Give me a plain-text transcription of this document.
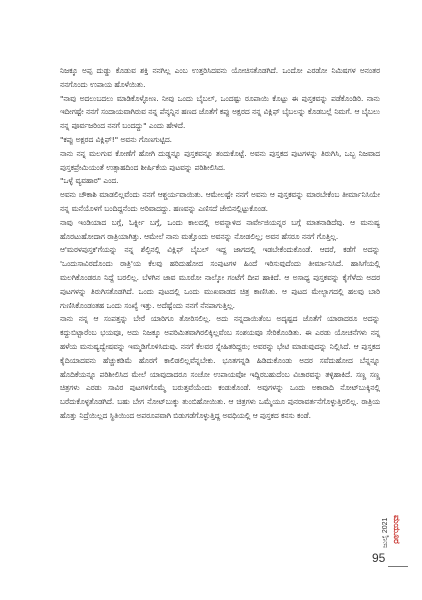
ನಿಜಕ್ಕೂ ಅಪ್ಪ ದುಡ್ಡು ಕೊಡುವ ಶಕ್ತಿ ನನಗಿಲ್ಲ ಎಂಬ ಉತ್ತರಿಸಿದವನು ಯೋಚಿಸತೊಡಗಿದೆ. ಒಂದೋ ಎರಡೋ ನಿಮಿಷಗಳ ಅನಂತರ ನನಗೊಂದು ಉಪಾಯ ಹೊಳೆಯಿತು.

"ನಾವು ಅದಲುಬದಲು ಮಾಡಿಕೊಳ್ಳೋಣ. ನೀವು ಒಂದು ಬೈಬಲ್, ಒಂದಷ್ಟು ರೂಪಾಯಿ ಕೊಟ್ಟು ಈ ಪುಸ್ತಕವನ್ನು ಪಡೆಕೊಂಡಿರಿ. ನಾನು ಇದೀಗಷ್ಟೇ ನನಗೆ ಸಂದಾಯವಾಗಿರುವ ನನ್ನ ಪೆನ್ಶನ್ನಿನ ಹಣದ ಜೊತೆಗೆ ಕಪ್ಪು ಅಕ್ಷರದ ನನ್ನ ವಿಕ್ಲಿಫ್ ಬೈಬಲನ್ನು ಕೊಡಬಲ್ಲೆ ನಿಮಗೆ. ಆ ಬೈಬಲು ನನ್ನ ಪೂರ್ವಜರಿಂದ ನನಗೆ ಬಂದದ್ದು" ಎಂದು ಹೇಳಿದೆ.

"ಕಪ್ಪು ಅಕ್ಷರದ ವಿಕ್ಲಿಫ್!" ಅವನು ಗೊಣಗುಟ್ಟಿದ.

ನಾನು ನನ್ನ ಮಲಗುವ ಕೋಣೆಗೆ ಹೋಗಿ ದುಡ್ಡನ್ನೂ ಪುಸ್ತಕವನ್ನೂ ತಂದುಕೊಟ್ಟೆ. ಅವನು ಪುಸ್ತಕದ ಪುಟಗಳನ್ನು ತಿರುಗಿಸಿ, ಒಬ್ಬ ನಿಜವಾದ ಪುಸ್ತಕಪ್ರೇಮಿಯಂತೆ ಉತ್ಸಾಹದಿಂದ ಶೀರ್ಷಿಕೆಯ ಪುಟವನ್ನು ಪರಿಶೀಲಿಸಿದ.

"ಒಳ್ಳೆ ವ್ಯವಹಾರ" ಎಂದ.

ಅವನು ಚೌಕಾಶಿ ಮಾಡಲಿಲ್ಲವೆಂದು ನನಗೆ ಆಶ್ಚರ್ಯವಾಯಿತು. ಆಮೇಲಷ್ಟೇ ನನಗೆ ಅವನು ಆ ಪುಸ್ತಕವನ್ನು ಮಾರಬೇಕೆಂಬ ತೀರ್ಮಾನಿಸಿಯೇ ನನ್ನ ಮನೆಯೊಳಗೆ ಬಂದಿದ್ದನೆಂದು ಅರಿವಾದದ್ದು. ಹಣವನ್ನು ಎಣಿಸದೆ ಜೇಬಿನಲ್ಲಿಟ್ಟುಕೊಂಡ.

ನಾವು ಇಂಡಿಯಾದ ಬಗ್ಗೆ, ಓರ್ಕ್ನೀ ಬಗ್ಗೆ, ಒಂದು ಕಾಲದಲ್ಲಿ ಅವನ್ನಾಳಿದ ನಾರ್ವೇಜಿಯನ್ನರ ಬಗ್ಗೆ ಮಾತನಾಡಿದೆವು. ಆ ಮನುಷ್ಯ ಹೊರಟುಹೋದಾಗ ರಾತ್ರಿಯಾಗಿತ್ತು. ಆಮೇಲೆ ನಾನು ಮತ್ತೊಂದು ಅವನನ್ನು ನೋಡಲಿಲ್ಲ; ಅವನ ಹೆಸರೂ ನನಗೆ ಗೊತ್ತಿಲ್ಲ.

ಆ'ಮರಳಪುಸ್ತಕ'ಗೆಯನ್ನು ನನ್ನ ಶೆಲ್ಫಿನಲ್ಲಿ ವಿಕ್ಲಿಫ್ ಬೈಬಲ್ ಇದ್ದ ಜಾಗದಲ್ಲಿ ಇಡಬೇಕೆಂದುಕೊಂಡೆ. ಆದರೆ, ಕಡೆಗೆ ಅದನ್ನು 'ಒಂದುಸಾವಿರದೊಂದು ರಾತ್ರಿ'ಯ ಕೆಲವು ಹರಿದುಹೋದ ಸಂಪುಟಗಳ ಹಿಂದೆ ಇರಿಸುವುದೆಂದು ತೀರ್ಮಾನಿಸಿದೆ. ಹಾಸಿಗೆಯಲ್ಲಿ ಮಲಗಿಕೊಂಡರೂ ನಿದ್ದೆ ಬರಲಿಲ್ಲ. ಬೆಳಗಿನ ಜಾವ ಮೂರೋ ನಾಲ್ಕೋ ಗಂಟೆಗೆ ದೀಪ ಹಾಕಿದೆ. ಆ ಅಸಾಧ್ಯ ಪುಸ್ತಕವನ್ನು ಕೈಗೆಳೆದು ಅದರ ಪುಟಗಳನ್ನು ತಿರುಗಿಸತೊಡಗಿದೆ. ಒಂದು ಪುಟದಲ್ಲಿ ಒಂದು ಮುಖವಾಡದ ಚಿತ್ರ ಕಾಣಿಸಿತು. ಆ ಪುಟದ ಮೇಲ್ಭಾಗದಲ್ಲಿ ಹಲವು ಬಾರಿ ಗುಣಿಸಿಕೊಂಡಂತಹ ಒಂದು ಸಂಖ್ಯೆ ಇತ್ತು. ಅದೆಷ್ಟೆಂದು ನನಗೆ ನೆನಪಾಗುತ್ತಿಲ್ಲ.

ನಾನು ನನ್ನ ಆ ಸಂಪತ್ತನ್ನು ಬೇರೆ ಯಾರಿಗೂ ತೋರಿಸಲಿಲ್ಲ. ಅದು ನನ್ನದಾಯಿತೆಂಬ ಅದೃಷ್ಟದ ಜೊತೆಗೆ ಯಾರಾದರೂ ಅದನ್ನು ಕದ್ದುಬಿಟ್ಟಾರೆಂಬ ಭಯವೂ, ಅದು ನಿಜಕ್ಕೂ ಅಪರಿಮಿತವಾಗಿರಲಿಕ್ಕಿಲ್ಲವೆಂಬ ಸಂಶಯವೂ ಸೇರಿಕೊಂಡಿತು. ಈ ಎರಡು ಯೋಚನೆಗಳು ನನ್ನ ಹಳೆಯ ಮನುಷ್ಯದ್ವೇಷವನ್ನು ಇಮ್ಮಡಿಗೊಳಿಸಿದುವು. ನನಗೆ ಕೆಲವರ ಸ್ನೇಹಿತರಿದ್ದರು; ಅವರನ್ನು ಭೇಟಿ ಮಾಡುವುದನ್ನು ನಿಲ್ಲಿಸಿದೆ. ಆ ಪುಸ್ತಕದ ಕೈದಿಯಾದವನು ಹೆಚ್ಚುಕಡಿಮೆ ಹೊರಗೆ ಕಾಲಿಡಲಿಲ್ಲವೆನ್ನಬೇಕು. ಭೂತಗನ್ನಡಿ ಹಿಡಿದುಕೊಂಡು ಅದರ ಸವೆದುಹೋದ ಬೆನ್ನನ್ನೂ ಹೊದಿಕೆಯನ್ನೂ ಪರಿಶೀಲಿಸಿದ ಮೇಲೆ ಯಾವುದಾದರೂ ಸಂಚೋ ಉಪಾಯವೋ ಇದ್ದಿರಬಹುದೆಂಬ ವಿಚಾರವನ್ನು ತಳ್ಳಿಹಾಕಿದೆ. ಸಣ್ಣ ಸಣ್ಣ ಚಿತ್ರಗಳು ಎರಡು ಸಾವಿರ ಪುಟಗಳಿಗೊಮ್ಮೆ ಬರುತ್ತವೆಯೆಂದು ಕಂಡುಕೊಂಡೆ. ಅವುಗಳನ್ನು ಒಂದು ಅಕಾರಾದಿ ನೋಟ್‌ಬುಕ್ಕಿನಲ್ಲಿ ಬರೆದುಕೊಳ್ಳತೊಡಗಿದೆ. ಬಹು ಬೇಗ ನೋಟ್‌ಬುಕ್ಕು ತುಂಬಿಹೋಯಿತು. ಆ ಚಿತ್ರಗಳು ಒಮ್ಮೆಯೂ ಪುನರಾವರ್ತನೆಗೊಳ್ಳುತ್ತಿರಲಿಲ್ಲ. ರಾತ್ರಿಯ ಹೊತ್ತು ನಿದ್ರೆಯಿಲ್ಲದ ಸ್ಥಿತಿಯಿಂದ ಅಪರೂಪವಾಗಿ ಬಿಡುಗಡೆಗೊಳ್ಳುತ್ತಿದ್ದ ಅವಧಿಯಲ್ಲಿ ಆ ಪುಸ್ತಕದ ಕನಸು ಕಂಡೆ.

ಜುಲೈ 2021 ಮಯೂರ
95
